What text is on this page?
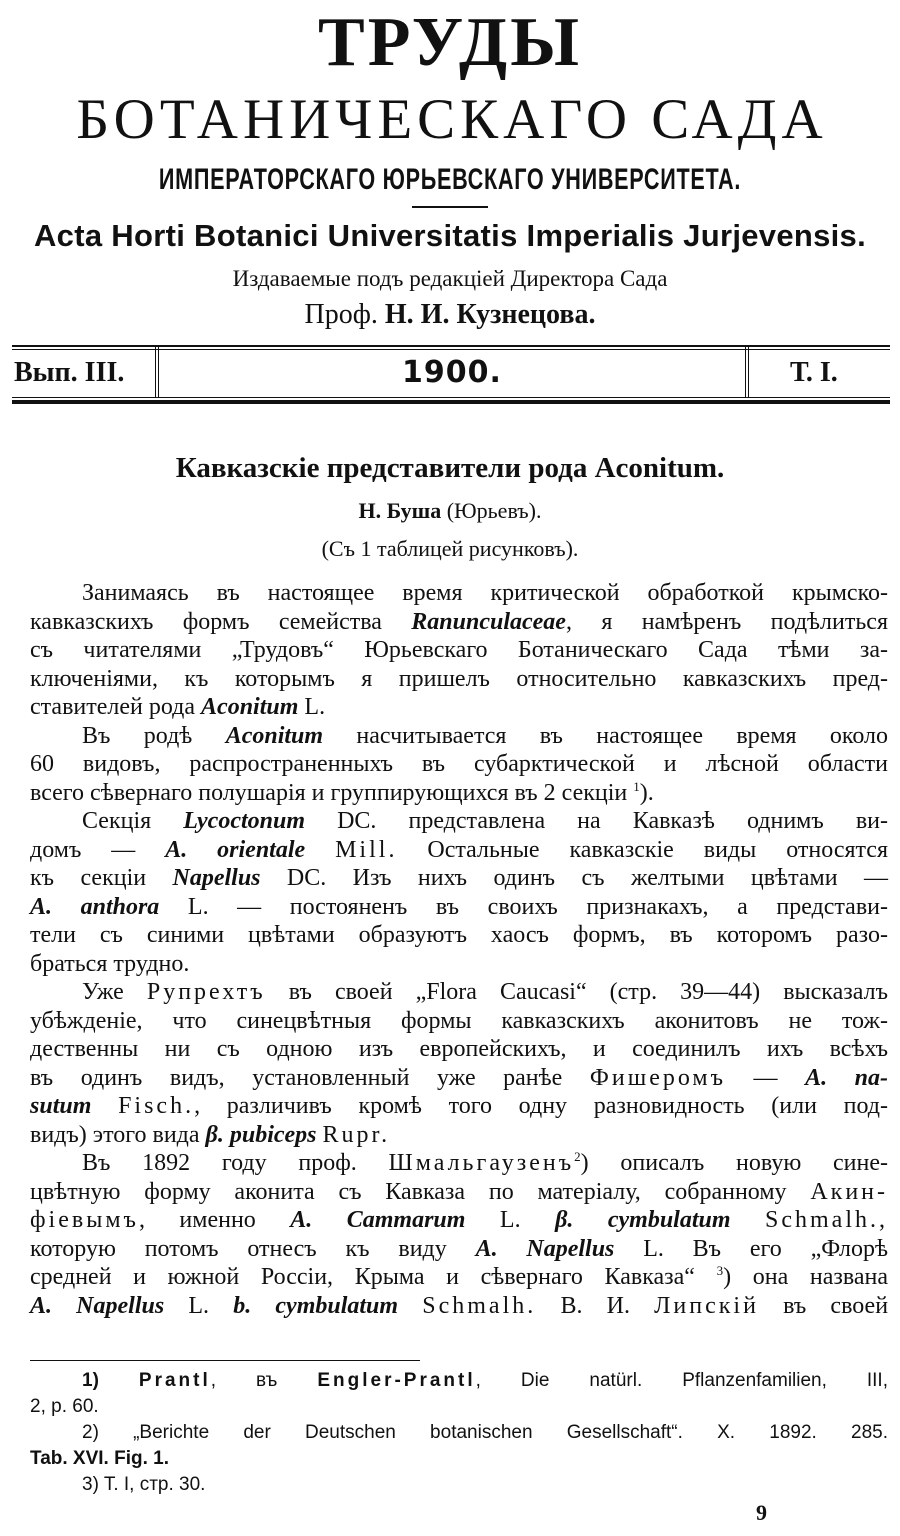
ТРУДЫ
БОТАНИЧЕСКАГО САДА
ИМПЕРАТОРСКАГО ЮРЬЕВСКАГО УНИВЕРСИТЕТА.
Acta Horti Botanici Universitatis Imperialis Jurjevensis.
Издаваемые подъ редакціей Директора Сада
Проф. Н. И. Кузнецова.
Вып. III.	1900.	Т. I.
Кавказскіе представители рода Aconitum.
Н. Буша (Юрьевъ).
(Съ 1 таблицей рисунковъ).
Занимаясь въ настоящее время критической обработкой крымско-
кавказскихъ формъ семейства Ranunculaceae, я намѣренъ подѣлиться
съ читателями „Трудовъ“ Юрьевскаго Ботаническаго Сада тѣми за-
ключеніями, къ которымъ я пришелъ относительно кавказскихъ пред-
ставителей рода Aconitum L.
Въ родѣ Aconitum насчитывается въ настоящее время около
60 видовъ, распространенныхъ въ субарктической и лѣсной области
всего сѣвернаго полушарія и группирующихся въ 2 секціи $^1$).
Секція Lycoctonum DC. представлена на Кавказѣ однимъ ви-
домъ — A. orientale Mill. Остальные кавказскіе виды относятся
къ секціи Napellus DC. Изъ нихъ одинъ съ желтыми цвѣтами —
A. anthora L. — постояненъ въ своихъ признакахъ, а представи-
тели съ синими цвѣтами образуютъ хаосъ формъ, въ которомъ разо-
браться трудно.
Уже Рупрехтъ въ своей „Flora Caucasi“ (стр. 39—44) высказалъ
убѣжденіе, что синецвѣтныя формы кавказскихъ аконитовъ не тож-
дественны ни съ одною изъ европейскихъ, и соединилъ ихъ всѣхъ
въ одинъ видъ, установленный уже ранѣе Фишеромъ — A. na-
sutum Fisch., различивъ кромѣ того одну разновидность (или под-
видъ) этого вида β. pubiceps Rupr.
Въ 1892 году проф. Шмальгаузенъ$^2$) описалъ новую сине-
цвѣтную форму аконита съ Кавказа по матеріалу, собранному Акин-
фіевымъ, именно A. Cammarum L. β. cymbulatum Schmalh.,
которую потомъ отнесъ къ виду A. Napellus L. Въ его „Флорѣ
средней и южной Россіи, Крыма и сѣвернаго Кавказа“ $^3$) она названа
A. Napellus L. b. cymbulatum Schmalh. В. И. Липскій въ своей
1) Prantl, въ Engler-Prantl, Die natürl. Pflanzenfamilien, III,
2, p. 60.
2) „Berichte der Deutschen botanischen Gesellschaft“. X. 1892. 285.
Tab. XVI. Fig. 1.
3) T. I, стр. 30.
9
